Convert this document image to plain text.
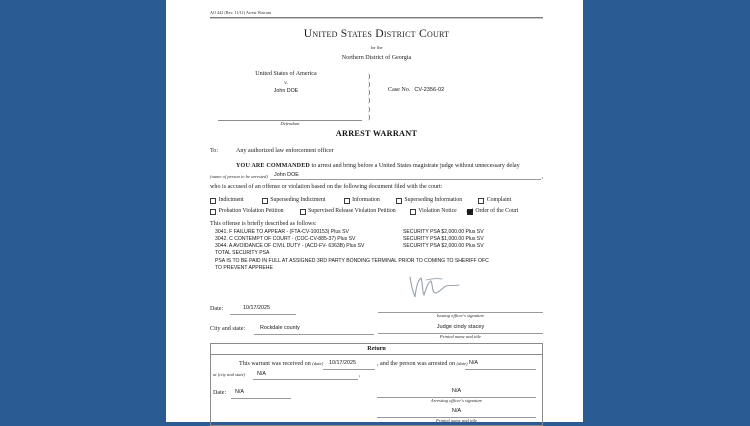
AO 442 (Rev. 11/11) Arrest Warrant
United States District Court
for the
Northern District of Georgia
United States of America
v.
John DOE
Defendant
)
)
)
)
)
)
Case No. CV-2356-02
ARREST WARRANT
To:	Any authorized law enforcement officer
YOU ARE COMMANDED to arrest and bring before a United States magistrate judge without unnecessary delay
(name of person to be arrested) John DOE	,
who is accused of an offense or violation based on the following document filed with the court:
Indictment	Superseding Indictment	Information	Superseding Information	Complaint
Probation Violation Petition	Supervised Release Violation Petition	Violation Notice	Order of the Court
This offense is briefly described as follows:
3041. F FAILURE TO APPEAR - (FTA-CV-100153) Plus SV	SECURITY PSA $2,000.00 Plus SV
3042. C CONTEMPT OF COURT - (COC-CV-885-37) Plus SV	SECURITY PSA $1,000.00 Plus SV
3044. A AVOIDANCE OF CIVIL DUTY - (ACD-FV- 6363B) Plus SV	SECURITY PSA $2,000.00 Plus SV
TOTAL SECURITY PSA
PSA IS TO BE PAID IN FULL AT ASSIGNED 3RD PARTY BONDING TERMINAL PRIOR TO COMING TO SHERIFF OFC
TO PREVENT APPREHE
Date:	10/17/2025
Issuing officer's signature
City and state:	Rockdale county	Judge cindy stacey
Printed name and title
Return
This warrant was received on (date) 10/17/2025	, and the person was arrested on (date) N/A
at (city and state) N/A	,
Date: N/A	N/A
Arresting officer's signature
N/A
Printed name and title
